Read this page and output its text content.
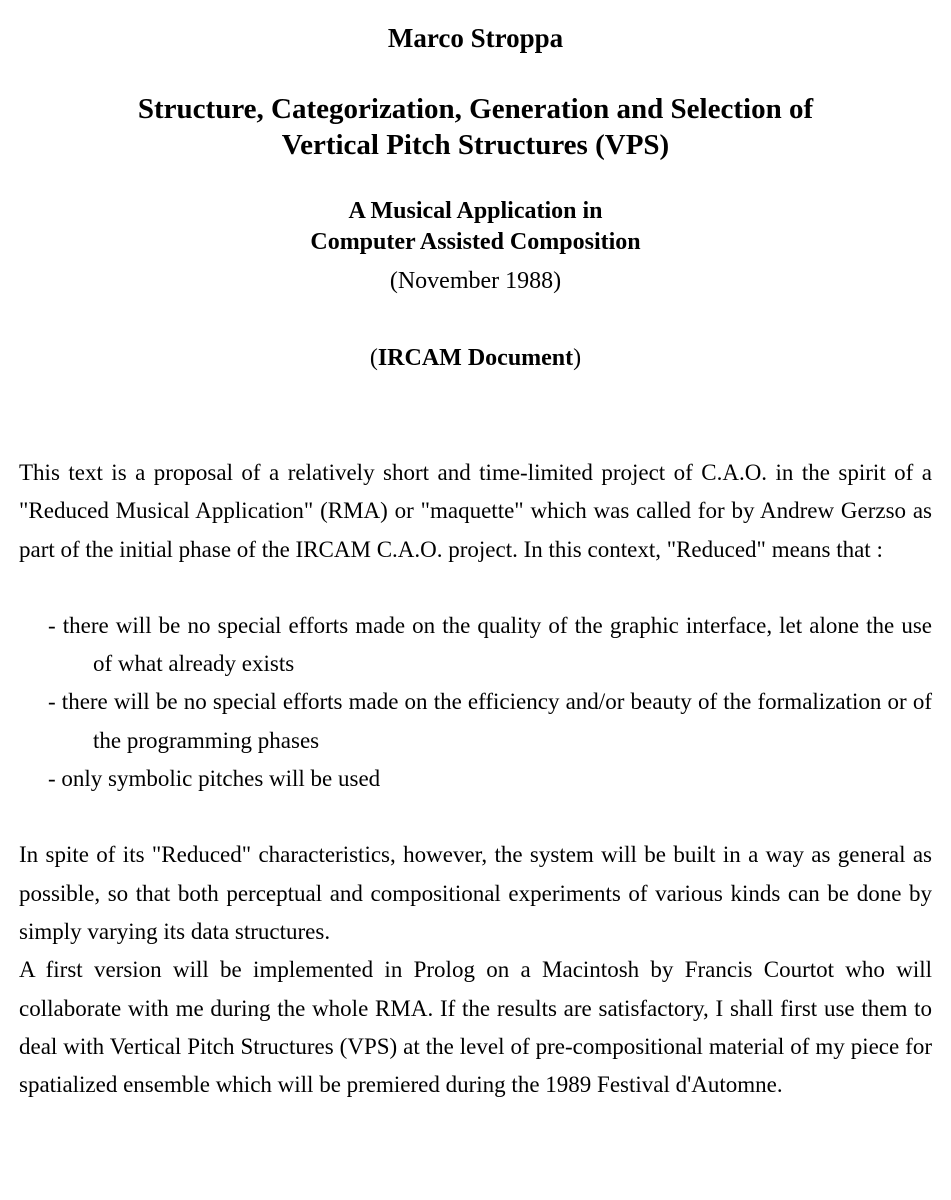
Marco Stroppa

Structure, Categorization, Generation and Selection of
Vertical Pitch Structures (VPS)
A Musical Application in
Computer Assisted Composition

(November 1988)

(IRCAM Document)

This text is a proposal of a relatively short and time-limited project of C.A.O. in the spirit of a "Reduced Musical Application" (RMA) or "maquette" which was called for by Andrew Gerzso as part of the initial phase of the IRCAM C.A.O. project. In this context, "Reduced" means that :

- there will be no special efforts made on the quality of the graphic interface, let alone the use of what already exists
- there will be no special efforts made on the efficiency and/or beauty of the formalization or of the programming phases
- only symbolic pitches will be used

In spite of its "Reduced" characteristics, however, the system will be built in a way as general as possible, so that both perceptual and compositional experiments of various kinds can be done by simply varying its data structures.

A first version will be implemented in Prolog on a Macintosh by Francis Courtot who will collaborate with me during the whole RMA. If the results are satisfactory, I shall first use them to deal with Vertical Pitch Structures (VPS) at the level of pre-compositional material of my piece for spatialized ensemble which will be premiered during the 1989 Festival d'Automne.
